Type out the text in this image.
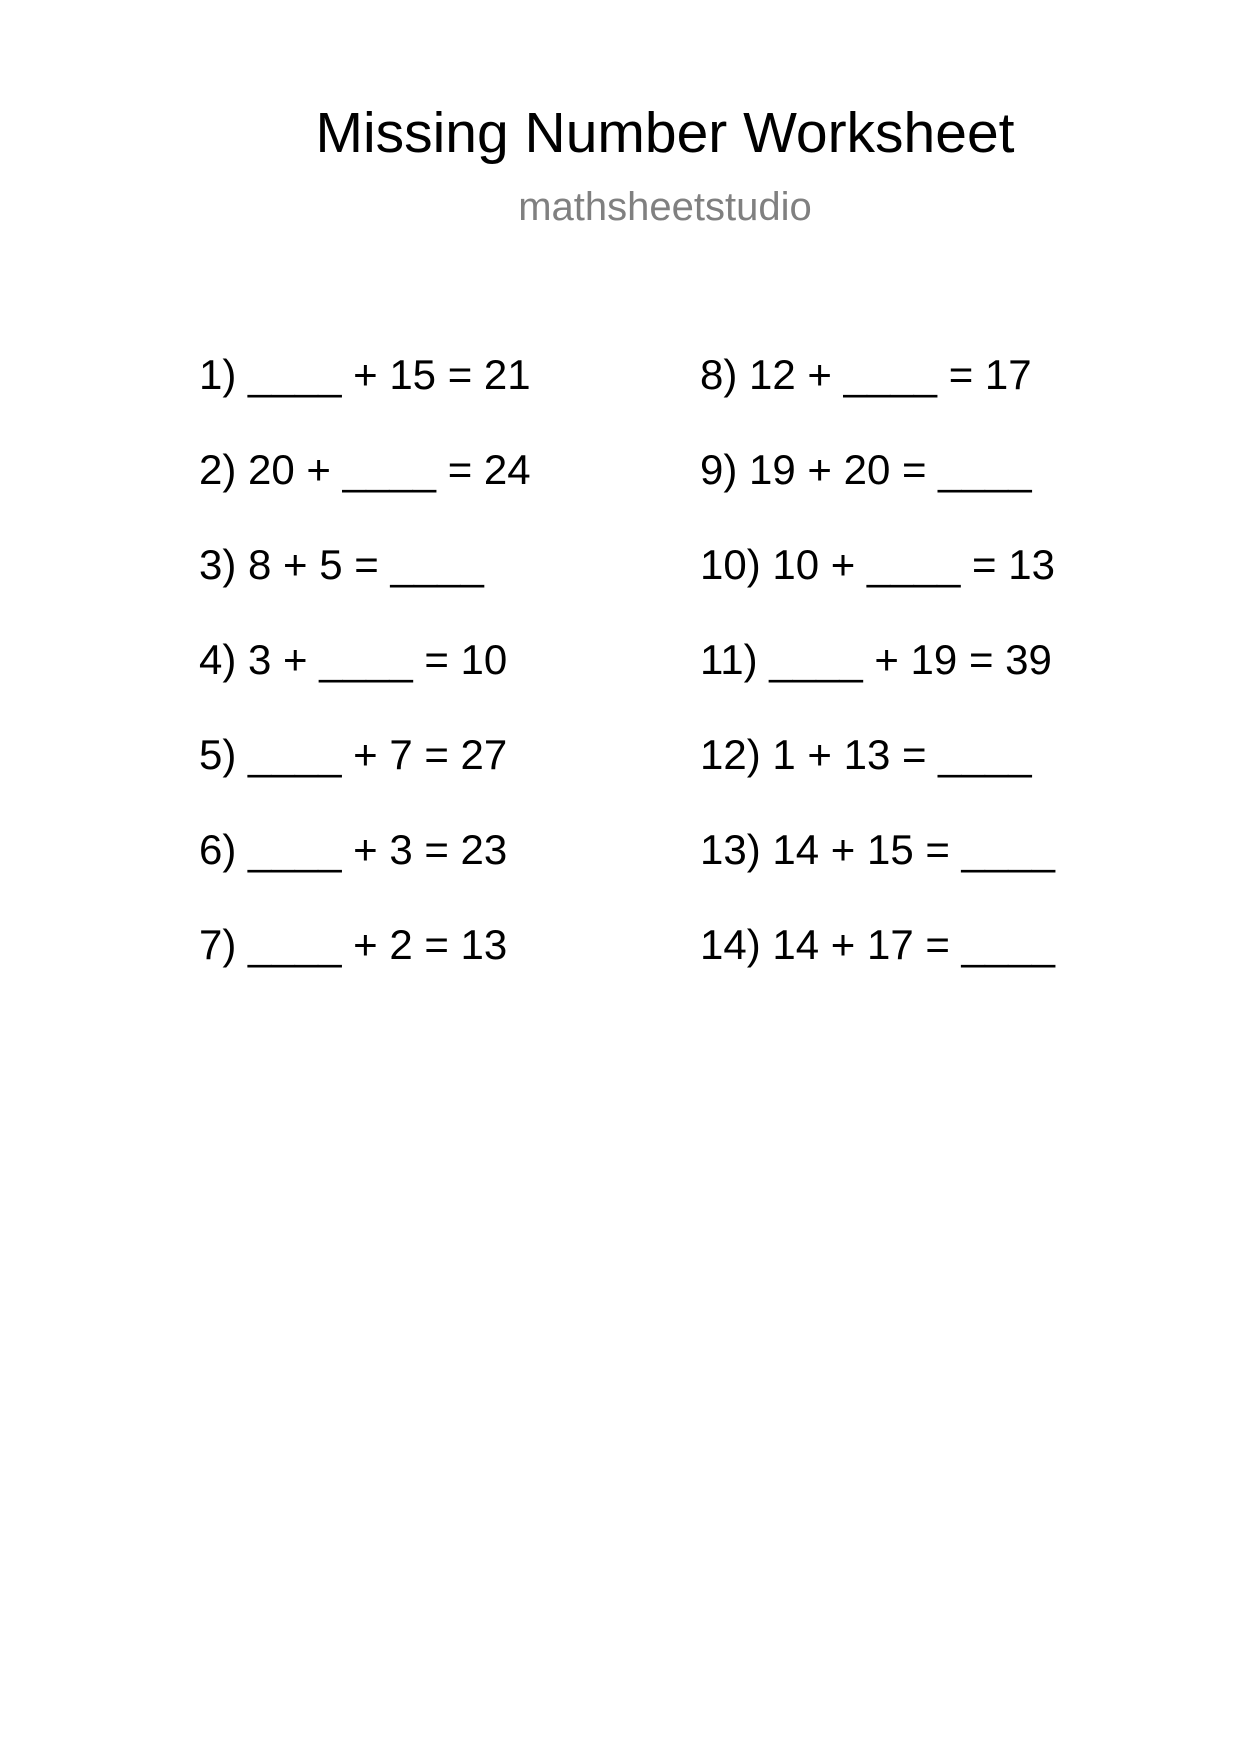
Missing Number Worksheet
mathsheetstudio
1) ____ + 15 = 21
2) 20 + ____ = 24
3) 8 + 5 = ____
4) 3 + ____ = 10
5) ____ + 7 = 27
6) ____ + 3 = 23
7) ____ + 2 = 13
8) 12 + ____ = 17
9) 19 + 20 = ____
10) 10 + ____ = 13
11) ____ + 19 = 39
12) 1 + 13 = ____
13) 14 + 15 = ____
14) 14 + 17 = ____
